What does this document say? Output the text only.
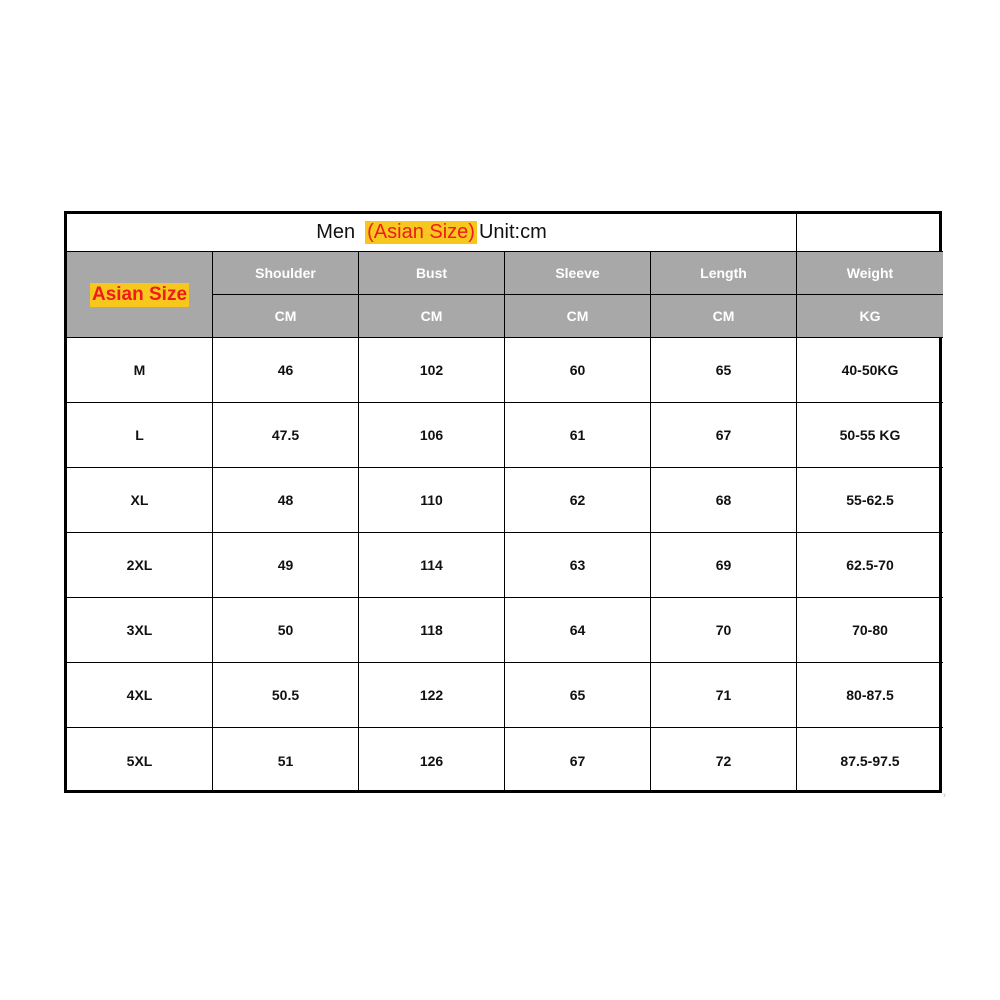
Men (Asian Size) Unit:cm
Asian Size
Shoulder	Bust	Sleeve	Length	Weight
CM	CM	CM	CM	KG
M	46	102	60	65	40-50KG
L	47.5	106	61	67	50-55 KG
XL	48	110	62	68	55-62.5
2XL	49	114	63	69	62.5-70
3XL	50	118	64	70	70-80
4XL	50.5	122	65	71	80-87.5
5XL	51	126	67	72	87.5-97.5
ˀ
